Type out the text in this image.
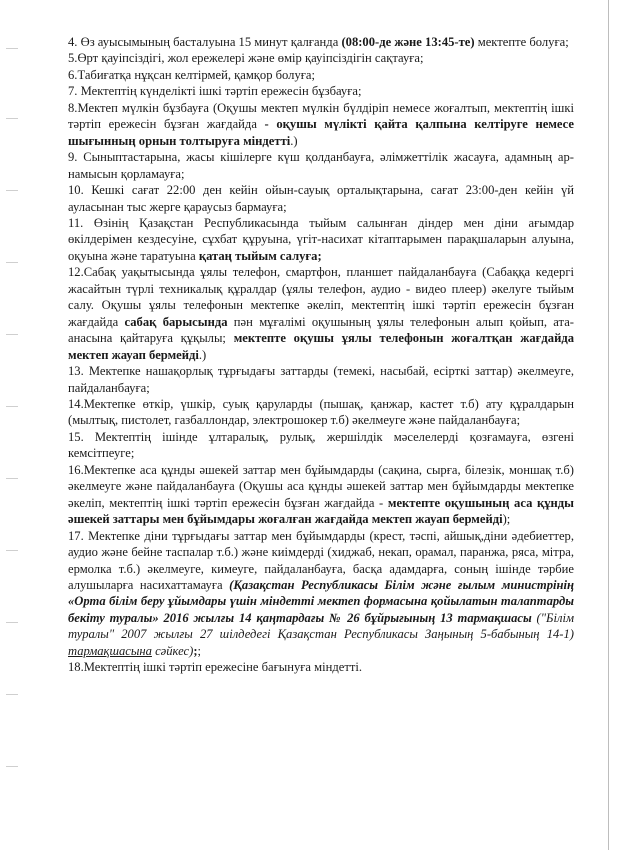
4. Өз ауысымының басталуына 15 минут қалғанда (08:00-де және 13:45-те) мектепте болуға;

5.Өрт қауіпсіздігі, жол ережелері және өмір қауіпсіздігін сақтауға;

6.Табиғатқа нұқсан келтірмей, қамқор болуға;

7. Мектептің күнделікті ішкі тәртіп ережесін бұзбауға;

8.Мектеп мүлкін бұзбауға (Оқушы мектеп мүлкін бүлдіріп немесе жоғалтып, мектептің ішкі тәртіп ережесін бұзған жағдайда - оқушы мүлікті қайта қалпына келтіруге немесе шығынның орнын толтыруға міндетті.)

9. Сыныптастарына, жасы кішілерге күш қолданбауға, әлімжеттілік жасауға, адамның ар-намысын қорламауға;

10. Кешкі сағат 22:00 ден кейін ойын-сауық орталықтарына, сағат 23:00-ден кейін үй ауласынан тыс жерге қараусыз бармауға;

11. Өзінің Қазақстан Республикасында тыйым салынған діндер мен діни ағымдар өкілдерімен кездесуіне, сұхбат құруына, үгіт-насихат кітаптарымен парақшаларын алуына, оқуына және таратуына қатаң тыйым салуға;

12.Сабақ уақытысында ұялы телефон, смартфон, планшет пайдаланбауға (Сабаққа кедергі жасайтын түрлі техникалық құралдар (ұялы телефон, аудио - видео плеер) әкелуге тыйым салу. Оқушы ұялы телефонын мектепке әкеліп, мектептің ішкі тәртіп ережесін бұзған жағдайда сабақ барысында пән мұғалімі оқушының ұялы телефонын алып қойып, ата-анасына қайтаруға құқылы; мектепте оқушы ұялы телефонын жоғалтқан жағдайда мектеп жауап бермейді.)

13. Мектепке нашақорлық тұрғыдағы заттарды (темекі, насыбай, есірткі заттар) әкелмеуге, пайдаланбауға;

14.Мектепке өткір, үшкір, суық қаруларды (пышақ, қанжар, кастет т.б) ату құралдарын (мылтық, пистолет, газбаллондар, электрошокер т.б) әкелмеуге және пайдаланбауға;

15. Мектептің ішінде ұлтаралық, рулық, жершілдік мәселелерді қозғамауға, өзгені кемсітпеуге;

16.Мектепке аса құнды әшекей заттар мен бұйымдарды (сақина, сырға, білезік, моншақ т.б) әкелмеуге және пайдаланбауға (Оқушы аса құнды әшекей заттар мен бұйымдарды мектепке әкеліп, мектептің ішкі тәртіп ережесін бұзған жағдайда - мектепте оқушының аса құнды әшекей заттары мен бұйымдары жоғалған жағдайда мектеп жауап бермейді);

17. Мектепке діни тұрғыдағы заттар мен бұйымдарды (крест, тәспі, айшық,діни әдебиеттер, аудио және бейне таспалар т.б.) және киімдерді (хиджаб, некап, орамал, паранжа, ряса, мітра, ермолка т.б.) әкелмеуге, кимеуге, пайдаланбауға, басқа адамдарға, соның ішінде тәрбие алушыларға насихаттамауға (Қазақстан Республикасы Білім және ғылым министрінің «Орта білім беру ұйымдары үшін міндетті мектеп формасына қойылатын талаптарды бекіту туралы» 2016 жылғы 14 қаңтардағы № 26 бұйрығының 13 тармақшасы ("Білім туралы" 2007 жылғы 27 шілдедегі Қазақстан Республикасы Заңының 5-бабының 14-1) тармақшасына сәйкес);;

18.Мектептің ішкі тәртіп ережесіне бағынуға міндетті.
